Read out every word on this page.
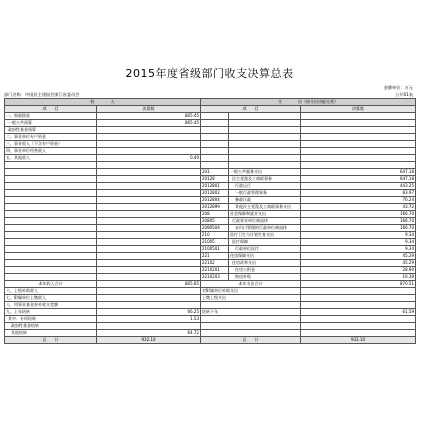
2015年度省级部门收支决算总表
金额单位：万元
部门名称：中国民主建国会浙江省委员会	公开01表
收　　　　入		支　　　　出（按支出功能分类）		
项　　目	决算数	项　　目		决算数
一、财政拨款	865.45			
一般公共预算	865.45			
政府性基金预算				
二、事业单位专户资金				
三、事业收入（不含专户资金）				
四、事业单位经营收入				
五、其他收入	0.40			

		201	一般公共服务支出	647.18
		20128	民主党派及工商联事务	647.18
		2012801	行政运行	443.25
		2012802	一般行政管理事务	83.97
		2012804	参政议政	76.24
		2012899	其他民主党派及工商联事务支出	43.72
		208	社会保障和就业支出	166.70
		20805	行政事业单位离退休	166.70
		2080504	未归口管理的行政单位离退休	166.70
		210	医疗卫生与计划生育支出	9.34
		21005	医疗保障	9.34
		2100501	行政单位医疗	9.34
		221	住房保障支出	45.29
		22102	住房改革支出	45.29
		2210201	住房公积金	28.90
		2210203	购房补贴	16.39
本年收入合计	865.85	本年支出合计		870.51
六、上级补助收入		对附属单位补助支出		
七、附属单位上缴收入		上缴上级支出		
八、用事业基金弥补收支差额				
九、上年结转	66.25	结转下年		61.59
其中：专项结转	1.53			
政府性基金结转				
其他结转	64.72			
总　　计	932.10	总　　计		932.10
